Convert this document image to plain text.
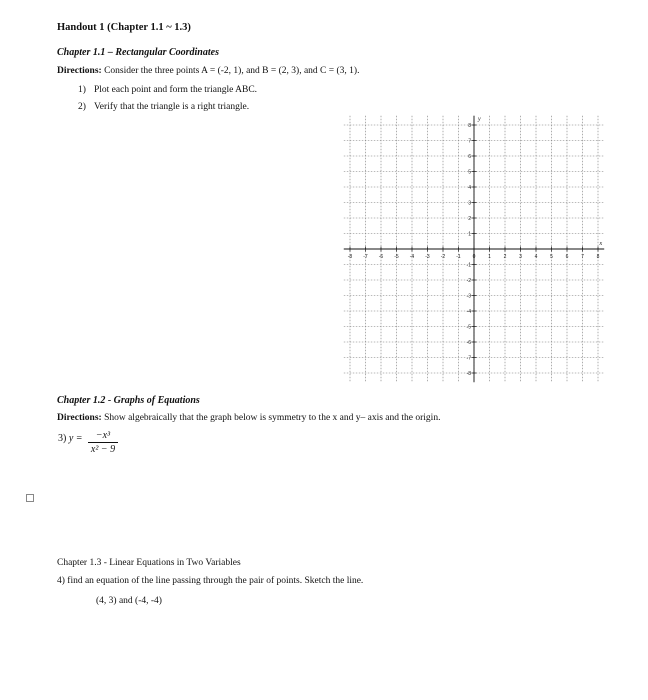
Handout 1 (Chapter 1.1 ~ 1.3)
Chapter 1.1 – Rectangular Coordinates
Directions: Consider the three points A = (-2, 1), and B = (2, 3), and C = (3, 1).
1) Plot each point and form the triangle ABC.
2) Verify that the triangle is a right triangle.
-8 -7 -6 -5 -4 -3 -2 -1 0	1	2	3	4	5	6	7	8
8
7
6
5
4
3
2
1
-1
-2
-3
-4
-5
-6
-7
-8
x
y
Chapter 1.2 - Graphs of Equations
Directions: Show algebraically that the graph below is symmetry to the x and y– axis and the origin.
3) $y = \frac{\text{−x³}}{\text{x² − 9}}$
Chapter 1.3 - Linear Equations in Two Variables
4) find an equation of the line passing through the pair of points. Sketch the line.
(4, 3) and (-4, -4)
